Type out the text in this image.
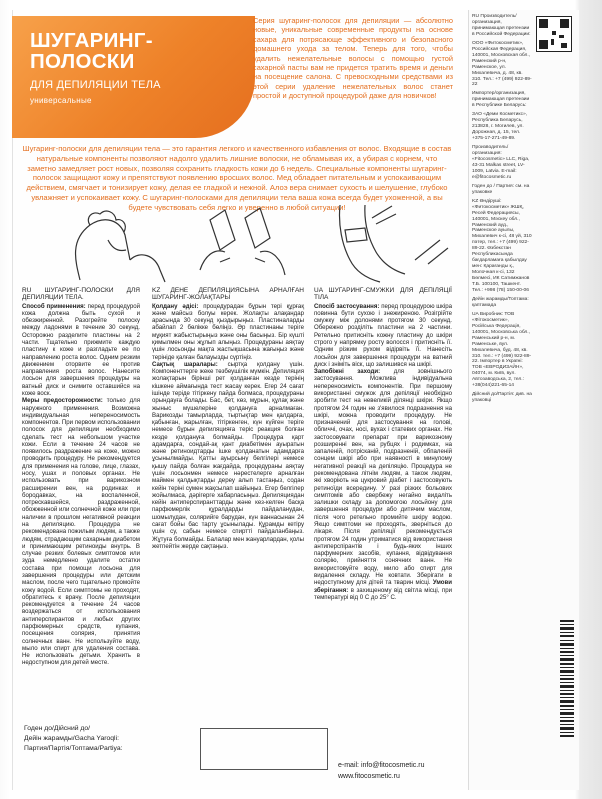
ШУГАРИНГ-
ПОЛОСКИ
ДЛЯ ДЕПИЛЯЦИИ ТЕЛА
универсальные
Серия шугаринг-полосок для депиляции — абсолютно новые, уникальные современные продукты на основе сахара для потрясающе эффективного и безопасного домашнего ухода за телом. Теперь для того, чтобы удалить нежелательные волосы с помощью густой сахарной пасты вам не придется тратить время и деньги на посещение салона. С превосходными средствами из этой серии удаление нежелательных волос станет простой и доступной процедурой даже для новичков!
Шугаринг-полоски для депиляции тела — это гарантия легкого и качественного избавления от волос. Входящие в состав натуральные компоненты позволяют надолго удалить лишние волоски, не обламывая их, а убирая с корнем, что заметно замедляет рост новых, позволяя сохранить гладкость кожи до 6 недель. Специальные компоненты шугаринг-полосок защищают кожу и препятствуют появлению вросших волос. Мед обладает питательным и успокаивающим действием, смягчает и тонизирует кожу, делая ее гладкой и нежной. Алоэ вера снимает сухость и шелушение, глубоко увлажняет и успокаивает кожу. С шугаринг-полосками для депиляции тела ваша кожа всегда будет ухоженной, а вы будете чувствовать себя легко и уверенно в любой ситуации!
RU ШУГАРИНГ-ПОЛОСКИ ДЛЯ ДЕПИЛЯЦИИ ТЕЛА.
Способ применения: перед процедурой кожа должна быть сухой и обезжиренной. Разогрейте полоску между ладонями в течение 30 секунд. Осторожно разделите пластины на 2 части. Тщательно прижмите каждую пластину к коже и разгладьте ее по направлению роста волос. Одним резким движением оторвите ее против направления роста волос. Нанесите лосьон для завершения процедуры на ватный диск и снимите оставшийся на коже воск.
Меры предосторожности: только для наружного применения. Возможна индивидуальная непереносимость компонентов. При первом использовании полосок для депиляции необходимо сделать тест на небольшом участке кожи. Если в течение 24 часов не появилось раздражение на коже, можно проводить процедуру. Не рекомендуется для применения на голове, лице, глазах, носу, ушах и половых органах. Не использовать при варикозном расширении вен, на родинках и бородавках, на воспаленной, потрескавшейся, раздраженной, обожженной или солнечной коже или при наличии в прошлом негативной реакции на депиляцию. Процедура не рекомендована пожилым людям, а также людям, страдающим сахарным диабетом и принимающим ретиноиды внутрь. В случае резких болевых симптомов или зуда немедленно удалите остатки состава при помощи лосьона для завершения процедуры или детским маслом, после чего тщательно промойте кожу водой. Если симптомы не проходят, обратитесь к врачу. После депиляции рекомендуется в течение 24 часов воздержаться от использования антиперспирантов и любых других парфюмерных средств, купания, посещения солярия, принятия солнечных ванн. Не используйте воду, мыло или спирт для удаления состава. Не использовать детьми. Хранить в недоступном для детей месте.
KZ ДЕНЕ ДЕПИЛЯЦИЯСЫНА АРНАЛҒАН ШУГАРИНГ-ЖОЛАҚТАРЫ
Қолдану әдісі: процедурадан бұрын тері құрғақ және майсыз болуы керек. Жолақты алақандар арасында 30 секунд қыздырыңыз. Пластиналарды абайлап 2 бөлікке бөліңіз. Әр пластинаны терiге мұқият жабыстырыңыз және оны басыңыз. Бір күшті қимылмен оны жұлып алыңыз. Процедураны аяқтау үшін лосьонды мақта жастықшасына жағыңыз және терiнiде қалған балауызды сүртіңіз.
Сақтық шаралары: сыртқа қолдану үшін. Компоненттерге жеке төзбеушілік мүмкін. Депиляция жолақтарын бірінші рет қолданған кезде терінің кішкене аймағында тест жасау керек. Егер 24 сағат ішінде терiде тітіркену пайда болмаса, процедураны орындауға болады. Бас, бет, көз, мұрын, құлақ және жыныс мүшелерiне қолдануға арналмаған. Варикозды тамырларда, тыртықтар мен қалдарға, қабынған, жарылған, тітіркенген, күн күйген терiге немесе бұрын депиляцияға теріс реакция болған кезде қолдануға болмайды. Процедура қарт адамдарға, сондай-ақ қант диабетімен ауыратын және ретиноидтарды ішке қолданатын адамдарға ұсынылмайды. Қатты ауырсыну белгілері немесе қышу пайда болған жағдайда, процедураны аяқтау үшін лосьонмен немесе нәрестелерге арналған маймен қалдықтарды дереу алып тастаңыз, содан кейін терiні сумен жақсылап шайыңыз. Егер белгілер жойылмаса, дәрігерге хабарласыңыз. Депиляциядан кейін антиперспиранттарды және кез-келген басқа парфюмерлік құралдарды пайдаланудан, шомылудан, солярийге барудан, күн ваннасынан 24 сағат бойы бас тарту ұсынылады. Құрамды кетіру үшін су, сабын немесе спиртті пайдаланбаңыз. Жұтуға болмайды. Балалар мен жануарлардан, қолы жетпейтін жерде сақтаңыз.
UA ШУГАРИНГ-СМУЖКИ ДЛЯ ДЕПІЛЯЦІЇ ТІЛА
Спосіб застосування: перед процедурою шкіра повинна бути сухою і знежиреною. Розігрійте смужку між долонями протягом 30 секунд. Обережно розділіть пластини на 2 частини. Ретельно притисніть кожну пластину до шкіри строго у напрямку росту волосся і притисніть її. Одним різким рухом відірвіть її. Нанесіть лосьйон для завершення процедури на ватний диск і зніміть віск, що залишився на шкірі.
Запобіжні заходи: для зовнішнього застосування. Можлива індивідуальна непереносимість компонентів. При першому використанні смужок для депіляції необхідно зробити тест на невеликій ділянці шкіри. Якщо протягом 24 годин не з'явилося подразнення на шкірі, можна проводити процедуру. Не призначений для застосування на голові, обличчі, очах, носі, вухах і статевих органах. Не застосовувати препарат при варикозному розширенні вен, на рубцях і родимках, на запаленій, потрісканій, подразненій, обпаленій сонцем шкірі або при наявності в минулому негативної реакції на депіляцію. Процедура не рекомендована літнім людям, а також людям, які хворіють на цукровий діабет і застосовують ретиноїди всередину. У разі різких больових симптомів або свербежу негайно видаліть залишки складу за допомогою лосьйону для завершення процедури або дитячим маслом, після чого ретельно промийте шкіру водою. Якщо симптоми не проходять, зверніться до лікаря. Після депіляції рекомендується протягом 24 годин утриматися від використання антиперспірантів і будь-яких інших парфумерних засобів, купання, відвідування солярію, прийняття сонячних ванн. Не використовуйте воду, мило або спирт для видалення складу. Не ковтати. Зберігати в недоступному для дітей та тварин місці. Умови зберігання: в захищеному від світла місці, при температурі від 0 С до 25° С.
Годен до/Дійсний до/
Дейін жарамды/Gacha Yaroqli:
Партия/Партія/Топтама/Partiya:
e-mail: info@fitocosmetic.ru
www.fitocosmetic.ru
RU Производитель/ организация, принимающая претензии в Российской Федерации:
ООО «Фитокосметик», Российская Федерация, 140001, Московская обл., Раменский р-н, Раменское, ул. Михалевича, д. 48, кв. 310. Тел.: +7 (499) 922-89-22
Импортер/организация, принимающая претензии в Республике Беларусь:
ЗАО «Деми Косметикс», Республика Беларусь, 213828, г. Могилев, ул. Дорожная, д. 15, тел. +375-17-271-49-89.
Производитель/ организация: «Fitocosmetic» LLC, Riga, 43-31 Malkas street, LV-1009, Latvia. E-mail: e@fitocosmetic.ru
Годен до / Партия: см. на упаковке
KZ Өндіруші: «Фитокосметик» ЖШҚ, Ресей Федерациясы, 140001, Мәскеу обл., Раменский ауд., Раменское ауылы, Михалевич к-сі, 48 үй, 310 пәтер, тел.: +7 (499) 922-89-22. Өзбекстан Республикасында бағдарламаға қабылдау мен: Қарағанды қ., Молочная к-сі, 132 Бөлмесі, ИК Сатимжанов Т.Б. 100100, Ташкент. Тел.: +998 (78) 150-00-06
Дейін жарамды/Топтама: қаптамада
UA Виробник: ТОВ «Фітокосметик», Російська Федерація, 140001, Московська обл., Раменський р-н, м. Раменське, вул. Михалевича, буд. 48, кв. 310. тел.: +7 (499) 922-89-22. Імпортер в Україні: ТОВ «ЕВРОДИЗАЙН», 04074, м. Київ, вул. Автозаводська, 2, тел.: +38(044)221-65-14
Дійсний до/Партія: див. на упаковці
